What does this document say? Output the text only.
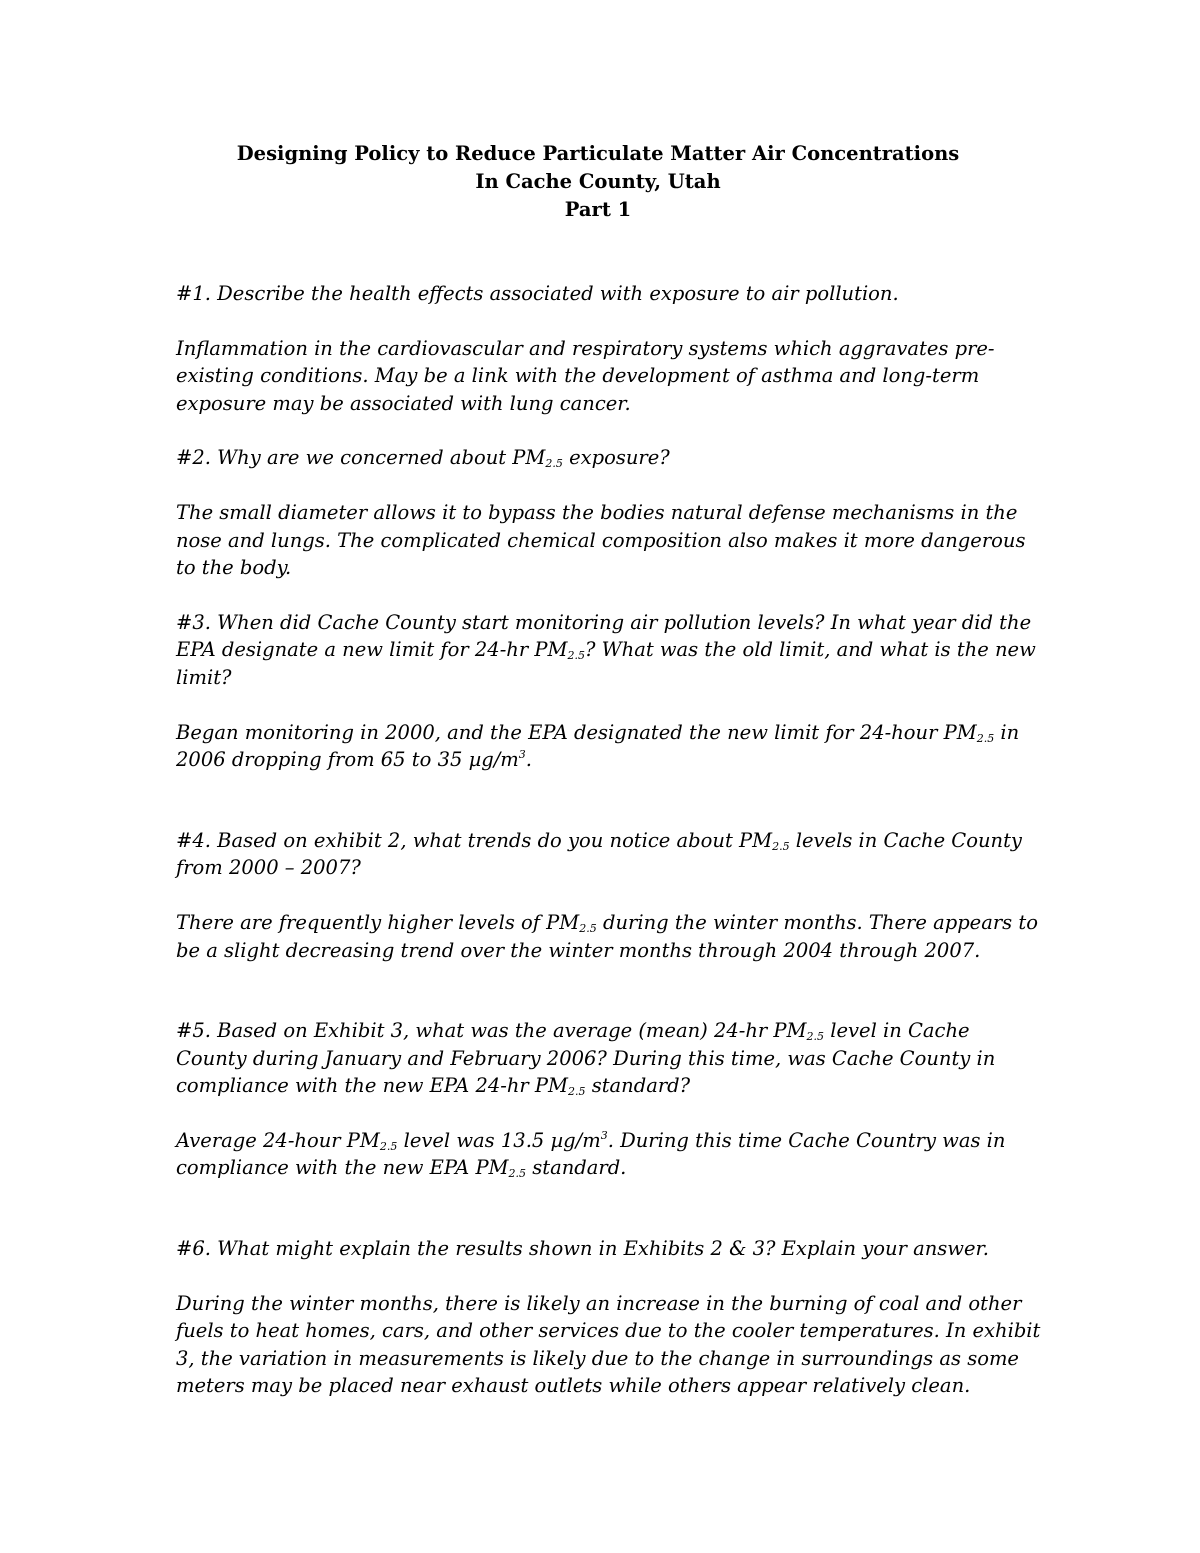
Designing Policy to Reduce Particulate Matter Air Concentrations
In Cache County, Utah
Part 1

#1. Describe the health effects associated with exposure to air pollution.

Inflammation in the cardiovascular and respiratory systems which aggravates pre-
existing conditions. May be a link with the development of asthma and long-term
exposure may be associated with lung cancer.

#2. Why are we concerned about $PM_{2.5}$ exposure?

The small diameter allows it to bypass the bodies natural defense mechanisms in the
nose and lungs. The complicated chemical composition also makes it more dangerous
to the body.

#3. When did Cache County start monitoring air pollution levels? In what year did the
EPA designate a new limit for 24-hr $PM_{2.5}$? What was the old limit, and what is the new
limit?

Began monitoring in 2000, and the EPA designated the new limit for 24-hour $PM_{2.5}$ in
2006 dropping from 65 to 35 $\mu g/m^3$.

#4. Based on exhibit 2, what trends do you notice about $PM_{2.5}$ levels in Cache County
from 2000 – 2007?

There are frequently higher levels of $PM_{2.5}$ during the winter months. There appears to
be a slight decreasing trend over the winter months through 2004 through 2007.

#5. Based on Exhibit 3, what was the average (mean) 24-hr $PM_{2.5}$ level in Cache
County during January and February 2006? During this time, was Cache County in
compliance with the new EPA 24-hr $PM_{2.5}$ standard?

Average 24-hour $PM_{2.5}$ level was 13.5 $\mu g/m^3$. During this time Cache Country was in
compliance with the new EPA $PM_{2.5}$ standard.

#6. What might explain the results shown in Exhibits 2 & 3? Explain your answer.

During the winter months, there is likely an increase in the burning of coal and other
fuels to heat homes, cars, and other services due to the cooler temperatures. In exhibit
3, the variation in measurements is likely due to the change in surroundings as some
meters may be placed near exhaust outlets while others appear relatively clean.
